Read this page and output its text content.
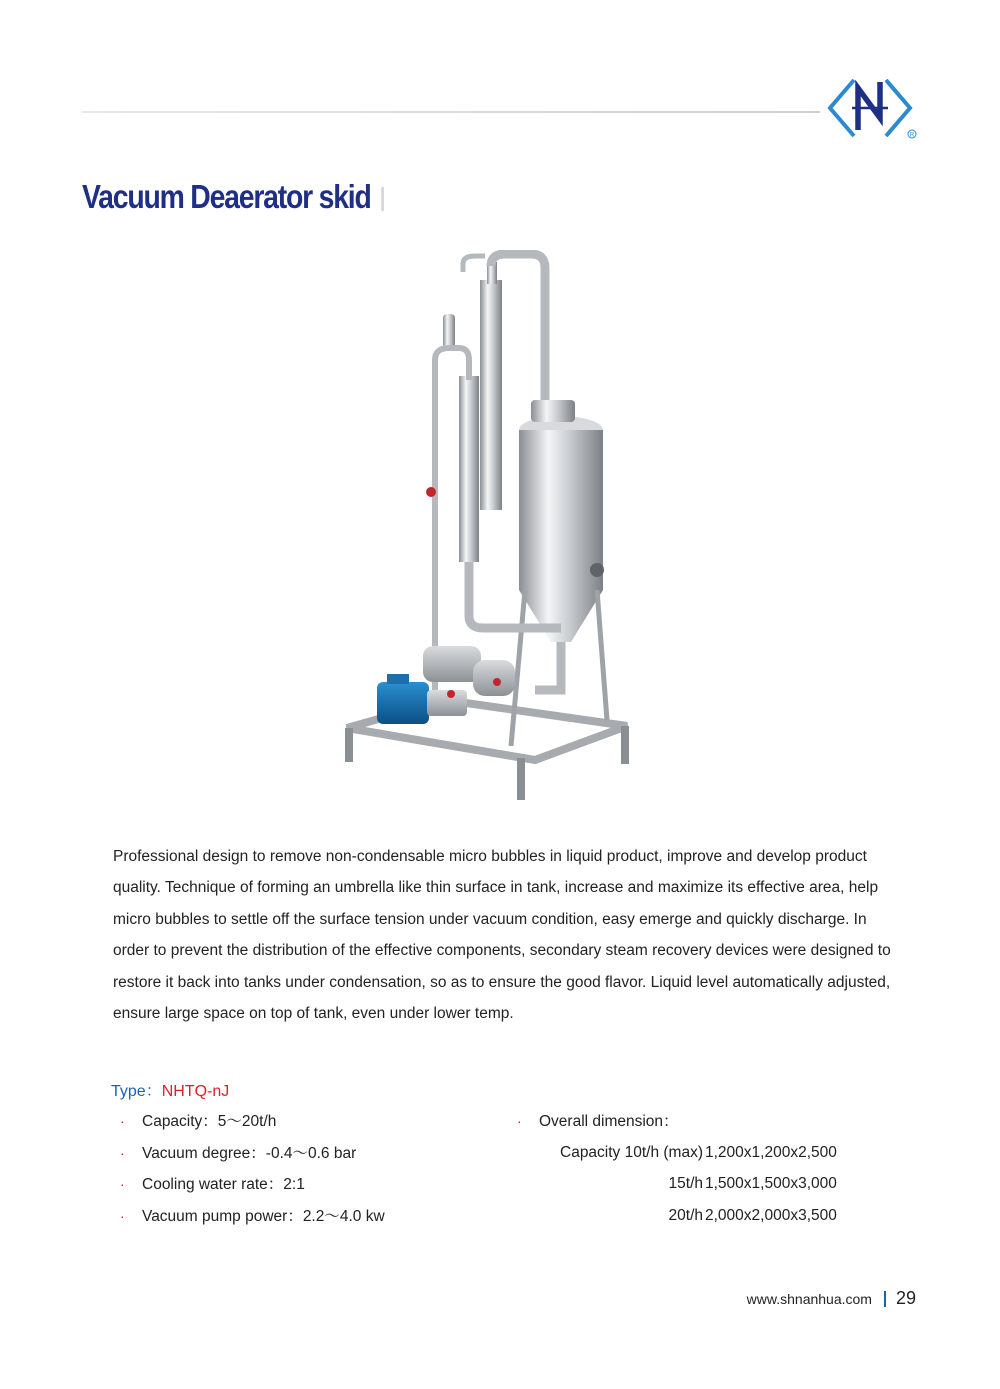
R
Vacuum Deaerator skid

Professional design to remove non-condensable micro bubbles in liquid product, improve and develop product quality. Technique of forming an umbrella like thin surface in tank, increase and maximize its effective area, help micro bubbles to settle off the surface tension under vacuum condition, easy emerge and quickly discharge. In order to prevent the distribution of the effective components, secondary steam recovery devices were designed to restore it back into tanks under condensation, so as to ensure the good flavor. Liquid level automatically adjusted, ensure large space on top of tank, even under lower temp.

Type：NHTQ-nJ
· Capacity：5～20t/h
· Vacuum degree：-0.4～0.6 bar
· Cooling water rate：2:1
· Vacuum pump power：2.2～4.0 kw
· Overall dimension：
Capacity 10t/h (max) 1,200x1,200x2,500
15t/h 1,500x1,500x3,000
20t/h 2,000x2,000x3,500
www.shnanhua.com 29
